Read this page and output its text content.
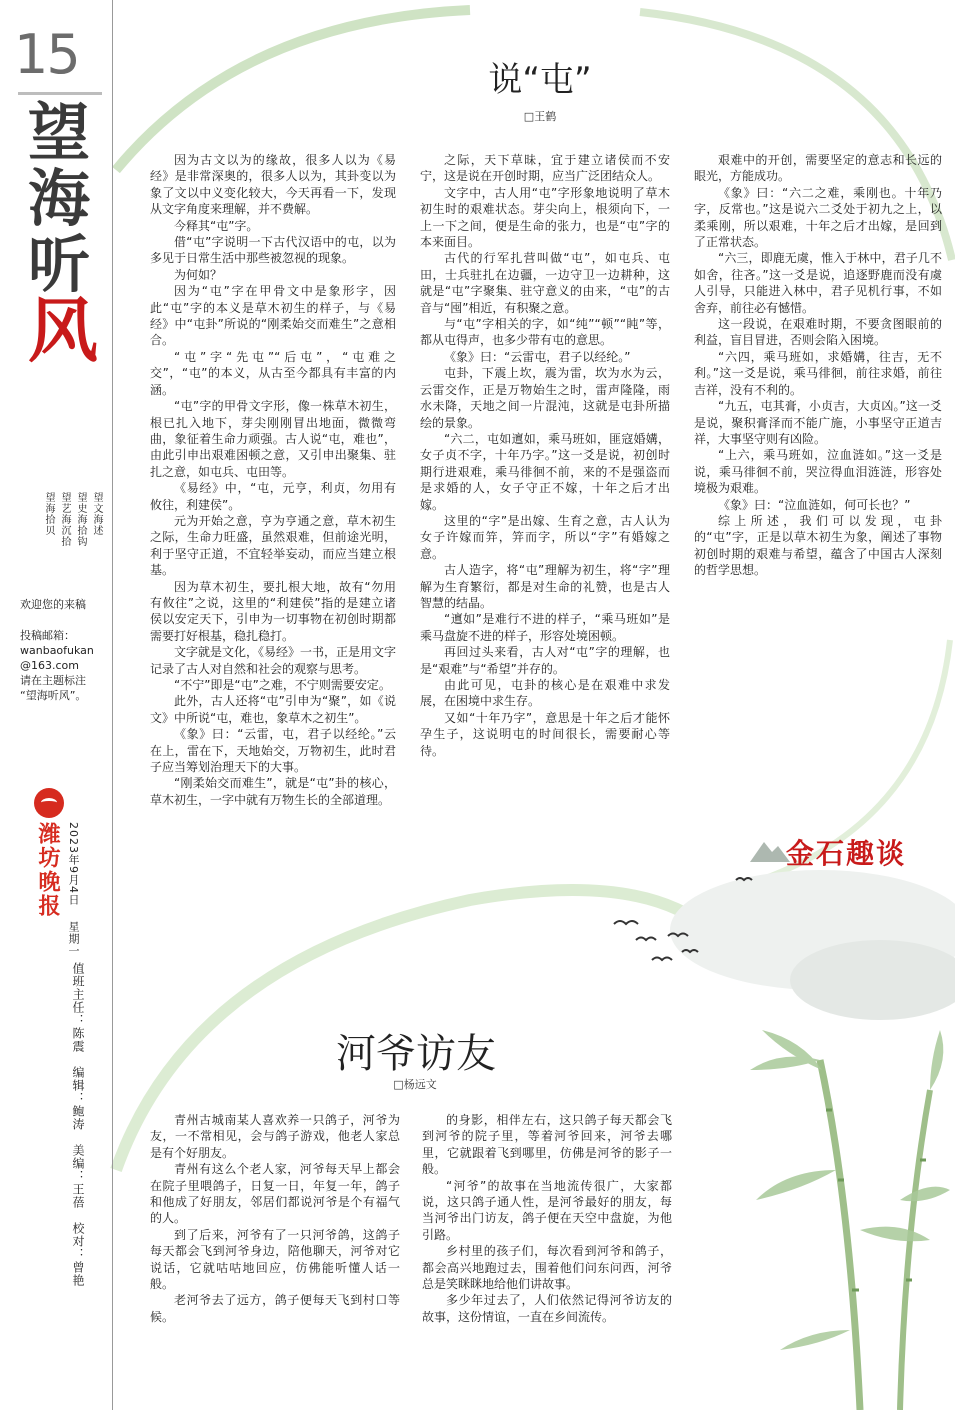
15
望
海
听
风
望文海述
望史海拾钩
望艺海沉拾
望海拾贝
欢迎您的来稿
投稿邮箱：
wanbaofukan
@163.com
请在主题标注
“望海听风”。
潍坊晚报 2023年9月4日 星期一
值班主任：陈震　编辑：鲍涛　美编：王蓓　校对：曾艳
说“屯”
□王鹤

因为古文以为的缘故，很多人以为《易经》是非常深奥的，很多人以为，其卦变以为象了文以中义变化较大，今天再看一下，发现从文字角度来理解，并不费解。

今释其“屯”字。

借“屯”字说明一下古代汉语中的屯，以为多见于日常生活中那些被忽视的现象。

为何如？

因为“屯”字在甲骨文中是象形字，因此“屯”字的本义是草木初生的样子，与《易经》中“屯卦”所说的“刚柔始交而难生”之意相合。

“屯”字“先屯”“后屯”，“屯难之交”，“屯”的本义，从古至今都具有丰富的内涵。

“屯”字的甲骨文字形，像一株草木初生，根已扎入地下，芽尖刚刚冒出地面，微微弯曲，象征着生命力顽强。古人说“屯，难也”，由此引申出艰难困顿之意，又引申出聚集、驻扎之意，如屯兵、屯田等。

《易经》中，“屯，元亨，利贞，勿用有攸往，利建侯”。

元为开始之意，亨为亨通之意，草木初生之际，生命力旺盛，虽然艰难，但前途光明，利于坚守正道，不宜轻举妄动，而应当建立根基。

因为草木初生，要扎根大地，故有“勿用有攸往”之说，这里的“利建侯”指的是建立诸侯以安定天下，引申为一切事物在初创时期都需要打好根基，稳扎稳打。

文字就是文化，《易经》一书，正是用文字记录了古人对自然和社会的观察与思考。

“不宁”即是“屯”之难，不宁则需要安定。

此外，古人还将“屯”引申为“聚”，如《说文》中所说“屯，难也，象草木之初生”。

《象》曰：“云雷，屯，君子以经纶。”云在上，雷在下，天地始交，万物初生，此时君子应当筹划治理天下的大事。

“刚柔始交而难生”，就是“屯”卦的核心，草木初生，一字中就有万物生长的全部道理。

之际，天下草昧，宜于建立诸侯而不安宁，这是说在开创时期，应当广泛团结众人。

文字中，古人用“屯”字形象地说明了草木初生时的艰难状态。芽尖向上，根须向下，一上一下之间，便是生命的张力，也是“屯”字的本来面目。

古代的行军扎营叫做“屯”，如屯兵、屯田，士兵驻扎在边疆，一边守卫一边耕种，这就是“屯”字聚集、驻守意义的由来，“屯”的古音与“囤”相近，有积聚之意。

与“屯”字相关的字，如“纯”“顿”“盹”等，都从屯得声，也多少带有屯的意思。

《象》曰：“云雷屯，君子以经纶。”

屯卦，下震上坎，震为雷，坎为水为云，云雷交作，正是万物始生之时，雷声隆隆，雨水未降，天地之间一片混沌，这就是屯卦所描绘的景象。

“六二，屯如邅如，乘马班如，匪寇婚媾，女子贞不字，十年乃字。”这一爻是说，初创时期行进艰难，乘马徘徊不前，来的不是强盗而是求婚的人，女子守正不嫁，十年之后才出嫁。

这里的“字”是出嫁、生育之意，古人认为女子许嫁而笄，笄而字，所以“字”有婚嫁之意。

古人造字，将“屯”理解为初生，将“字”理解为生育繁衍，都是对生命的礼赞，也是古人智慧的结晶。

“邅如”是难行不进的样子，“乘马班如”是乘马盘旋不进的样子，形容处境困顿。

再回过头来看，古人对“屯”字的理解，也是“艰难”与“希望”并存的。

由此可见，屯卦的核心是在艰难中求发展，在困境中求生存。

又如“十年乃字”，意思是十年之后才能怀孕生子，这说明屯的时间很长，需要耐心等待。

艰难中的开创，需要坚定的意志和长远的眼光，方能成功。

《象》曰：“六二之难，乘刚也。十年乃字，反常也。”这是说六二爻处于初九之上，以柔乘刚，所以艰难，十年之后才出嫁，是回到了正常状态。

“六三，即鹿无虞，惟入于林中，君子几不如舍，往吝。”这一爻是说，追逐野鹿而没有虞人引导，只能进入林中，君子见机行事，不如舍弃，前往必有憾惜。

这一段说，在艰难时期，不要贪图眼前的利益，盲目冒进，否则会陷入困境。

“六四，乘马班如，求婚媾，往吉，无不利。”这一爻是说，乘马徘徊，前往求婚，前往吉祥，没有不利的。

“九五，屯其膏，小贞吉，大贞凶。”这一爻是说，聚积膏泽而不能广施，小事坚守正道吉祥，大事坚守则有凶险。

“上六，乘马班如，泣血涟如。”这一爻是说，乘马徘徊不前，哭泣得血泪涟涟，形容处境极为艰难。

《象》曰：“泣血涟如，何可长也？”

综上所述，我们可以发现，屯卦的“屯”字，正是以草木初生为象，阐述了事物初创时期的艰难与希望，蕴含了中国古人深刻的哲学思想。

金石趣谈
河爷访友
□杨远文

青州古城南某人喜欢养一只鸽子，河爷为友，一不常相见，会与鸽子游戏，他老人家总是有个好朋友。

青州有这么个老人家，河爷每天早上都会在院子里喂鸽子，日复一日，年复一年，鸽子和他成了好朋友，邻居们都说河爷是个有福气的人。

到了后来，河爷有了一只河爷鸽，这鸽子每天都会飞到河爷身边，陪他聊天，河爷对它说话，它就咕咕地回应，仿佛能听懂人话一般。

老河爷去了远方，鸽子便每天飞到村口等候。

的身影，相伴左右，这只鸽子每天都会飞到河爷的院子里，等着河爷回来，河爷去哪里，它就跟着飞到哪里，仿佛是河爷的影子一般。

“河爷”的故事在当地流传很广，大家都说，这只鸽子通人性，是河爷最好的朋友，每当河爷出门访友，鸽子便在天空中盘旋，为他引路。

乡村里的孩子们，每次看到河爷和鸽子，都会高兴地跑过去，围着他们问东问西，河爷总是笑眯眯地给他们讲故事。

多少年过去了，人们依然记得河爷访友的故事，这份情谊，一直在乡间流传。
